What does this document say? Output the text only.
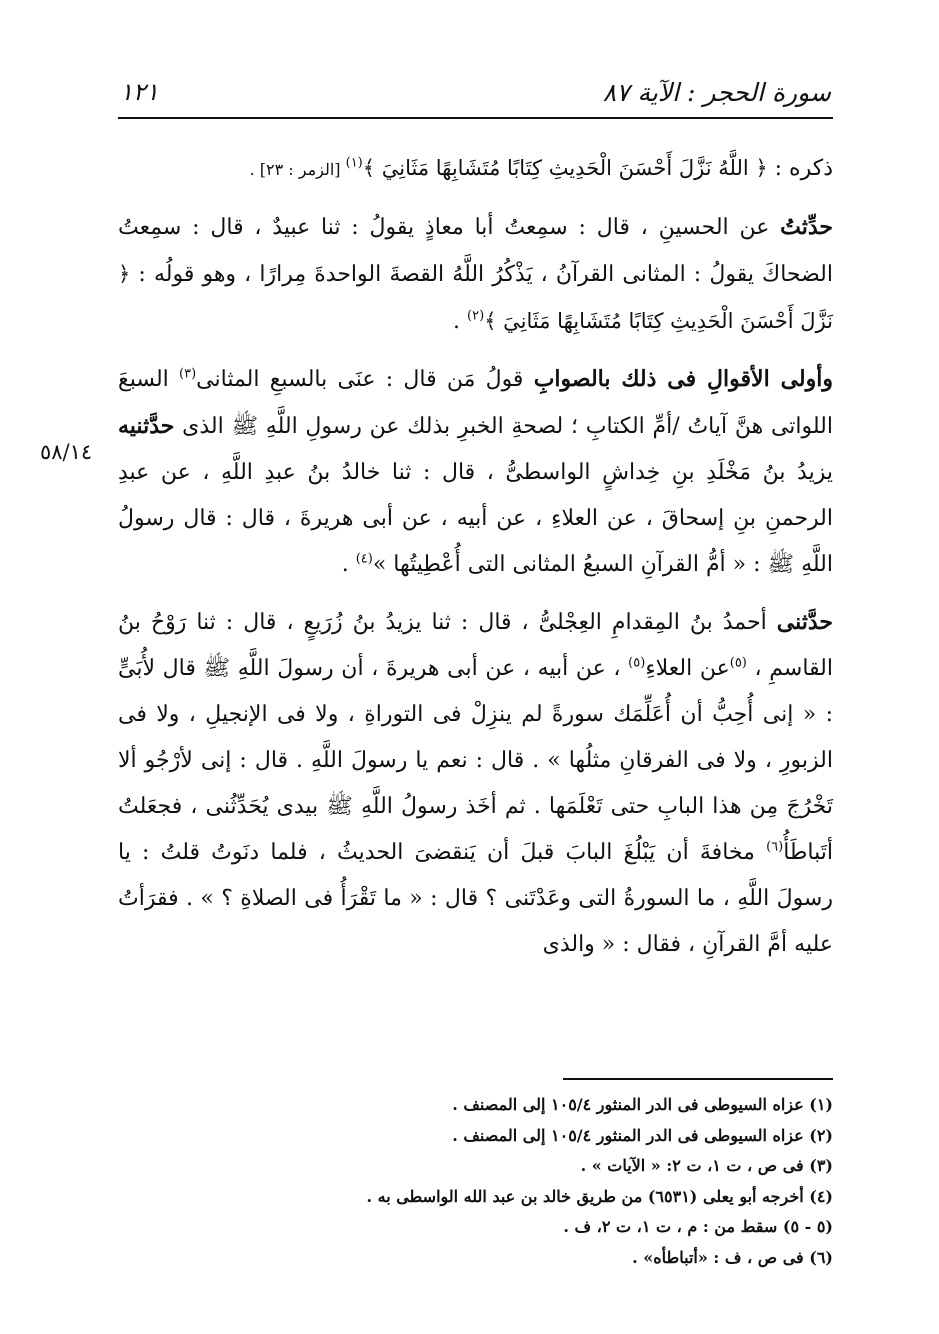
سورة الحجر : الآية ٨٧
١٢١
٥٨/١٤

ذكره : ﴿ اللَّهُ نَزَّلَ أَحْسَنَ الْحَدِيثِ كِتَابًا مُتَشَابِهًا مَثَانِيَ ﴾$^{(١)}$ [الزمر : ٢٣] .

حدِّثتُ عن الحسينِ ، قال : سمِعتُ أبا معاذٍ يقولُ : ثنا عبيدٌ ، قال : سمِعتُ الضحاكَ يقولُ : المثانى القرآنُ ، يَذْكُرُ اللَّهُ القصةَ الواحدةَ مِرارًا ، وهو قولُه : ﴿ نَزَّلَ أَحْسَنَ الْحَدِيثِ كِتَابًا مُتَشَابِهًا مَثَانِيَ ﴾$^{(٢)}$ .

وأولى الأقوالِ فى ذلك بالصوابِ قولُ مَن قال : عنَى بالسبعِ المثانى$^{(٣)}$ السبعَ اللواتى هنَّ آياتُ /أمِّ الكتابِ ؛ لصحةِ الخبرِ بذلك عن رسولِ اللَّهِ ﷺ الذى حدَّثنيه يزيدُ بنُ مَخْلَدِ بنِ خِداشٍ الواسطىُّ ، قال : ثنا خالدُ بنُ عبدِ اللَّهِ ، عن عبدِ الرحمنِ بنِ إسحاقَ ، عن العلاءِ ، عن أبيه ، عن أبى هريرةَ ، قال : قال رسولُ اللَّهِ ﷺ : « أمُّ القرآنِ السبعُ المثانى التى أُعْطِيتُها »$^{(٤)}$ .

حدَّثنى أحمدُ بنُ المِقدامِ العِجْلىُّ ، قال : ثنا يزيدُ بنُ زُرَيعٍ ، قال : ثنا رَوْحُ بنُ القاسمِ ، $^{(٥)}$عن العلاءِ$^{(٥)}$ ، عن أبيه ، عن أبى هريرةَ ، أن رسولَ اللَّهِ ﷺ قال لأُبَىٍّ : « إنى أُحِبُّ أن أُعَلِّمَك سورةً لم ينزِلْ فى التوراةِ ، ولا فى الإنجيلِ ، ولا فى الزبورِ ، ولا فى الفرقانِ مثلُها » . قال : نعم يا رسولَ اللَّهِ . قال : إنى لأرْجُو ألا تَخْرُجَ مِن هذا البابِ حتى تَعْلَمَها . ثم أخَذ رسولُ اللَّهِ ﷺ بيدى يُحَدِّثُنى ، فجعَلتُ أتَباطَأُ$^{(٦)}$ مخافةَ أن يَبْلُغَ البابَ قبلَ أن يَنقضىَ الحديثُ ، فلما دنَوتُ قلتُ : يا رسولَ اللَّهِ ، ما السورةُ التى وعَدْتَنى ؟ قال : « ما تَقْرَأُ فى الصلاةِ ؟ » . فقرَأتُ عليه أمَّ القرآنِ ، فقال : « والذى

(١) عزاه السيوطى فى الدر المنثور ١٠٥/٤ إلى المصنف .

(٢) عزاه السيوطى فى الدر المنثور ١٠٥/٤ إلى المصنف .

(٣) فى ص ، ت ١، ت ٢: « الآيات » .

(٤) أخرجه أبو يعلى (٦٥٣١) من طريق خالد بن عبد الله الواسطى به .

(٥ - ٥) سقط من : م ، ت ١، ت ٢، ف .

(٦) فى ص ، ف : «أتباطأه» .
